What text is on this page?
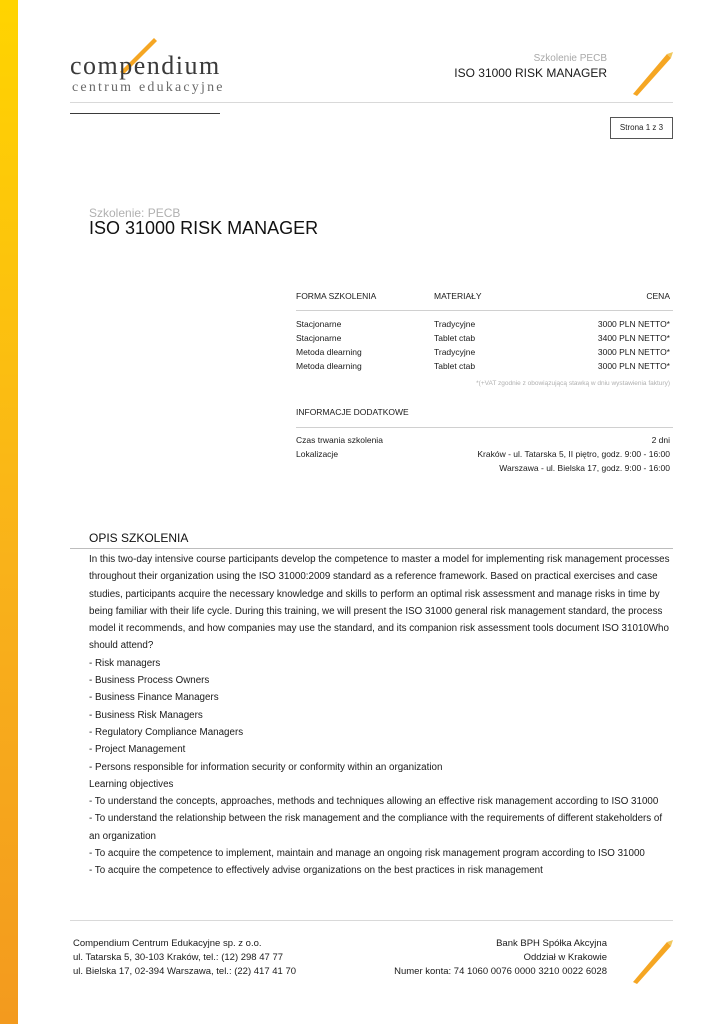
compendium
centrum edukacyjne
Szkolenie PECB
ISO 31000 RISK MANAGER
Strona 1 z 3
Szkolenie: PECB
ISO 31000 RISK MANAGER
FORMA SZKOLENIA	MATERIAŁY	CENA
Stacjonarne	Tradycyjne	3000 PLN NETTO*
Stacjonarne	Tablet ctab	3400 PLN NETTO*
Metoda dlearning	Tradycyjne	3000 PLN NETTO*
Metoda dlearning	Tablet ctab	3000 PLN NETTO*
*(+VAT zgodnie z obowiązującą stawką w dniu wystawienia faktury)
INFORMACJE DODATKOWE
Czas trwania szkolenia	2 dni
Lokalizacje	Kraków - ul. Tatarska 5, II piętro, godz. 9:00 - 16:00
Warszawa - ul. Bielska 17, godz. 9:00 - 16:00
OPIS SZKOLENIA

In this two-day intensive course participants develop the competence to master a model for implementing risk management processes

throughout their organization using the ISO 31000:2009 standard as a reference framework. Based on practical exercises and case

studies, participants acquire the necessary knowledge and skills to perform an optimal risk assessment and manage risks in time by

being familiar with their life cycle. During this training, we will present the ISO 31000 general risk management standard, the process

model it recommends, and how companies may use the standard, and its companion risk assessment tools document ISO 31010Who

should attend?

- Risk managers

- Business Process Owners

- Business Finance Managers

- Business Risk Managers

- Regulatory Compliance Managers

- Project Management

- Persons responsible for information security or conformity within an organization

Learning objectives

- To understand the concepts, approaches, methods and techniques allowing an effective risk management according to ISO 31000

- To understand the relationship between the risk management and the compliance with the requirements of different stakeholders of

an organization

- To acquire the competence to implement, maintain and manage an ongoing risk management program according to ISO 31000

- To acquire the competence to effectively advise organizations on the best practices in risk management

Compendium Centrum Edukacyjne sp. z o.o.
ul. Tatarska 5, 30-103 Kraków, tel.: (12) 298 47 77
ul. Bielska 17, 02-394 Warszawa, tel.: (22) 417 41 70
Bank BPH Spółka Akcyjna
Oddział w Krakowie
Numer konta: 74 1060 0076 0000 3210 0022 6028
